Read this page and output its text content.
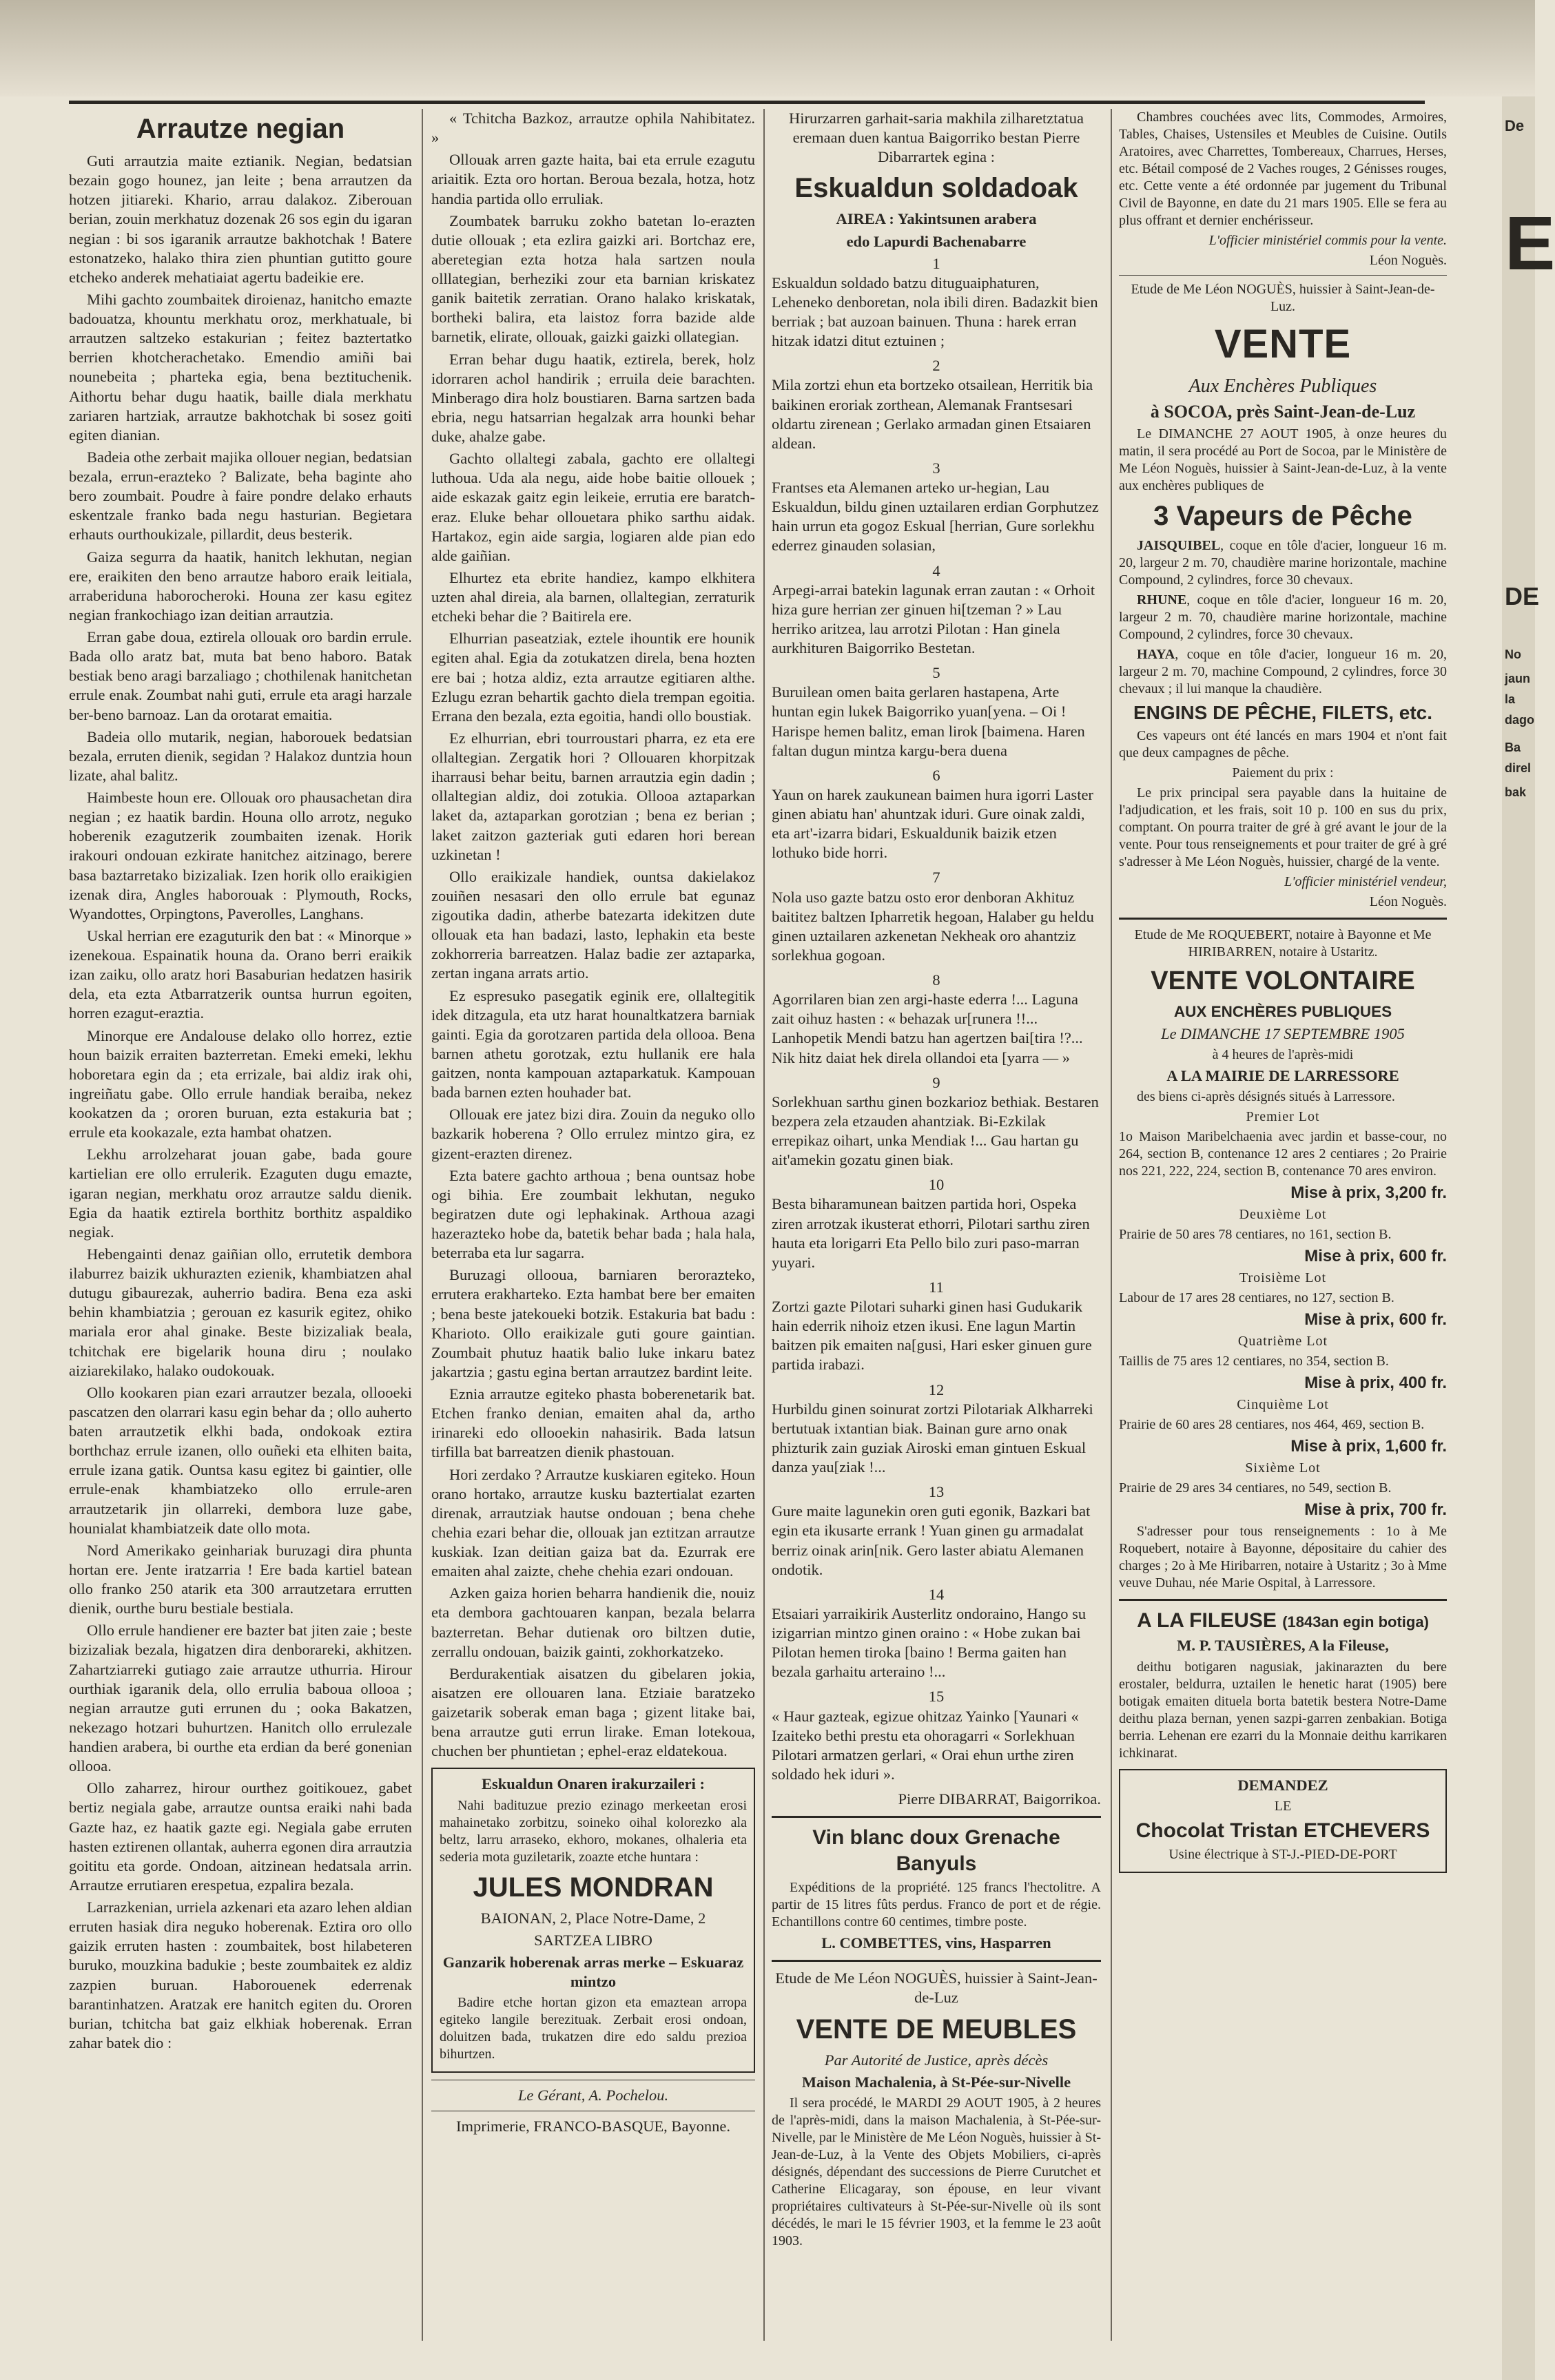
Arrautze negian

Guti arrautzia maite eztianik. Negian, bedatsian bezain gogo hounez, jan leite ; bena arrautzen da hotzen jitiareki. Khario, arrau dalakoz. Ziberouan berian, zouin merkhatuz dozenak 26 sos egin du igaran negian : bi sos igaranik arrautze bakhotchak ! Batere estonatzeko, halako thira zien phuntian gutitto goure etcheko anderek mehatiaiat agertu badeikie ere.

Mihi gachto zoumbaitek diroienaz, hanitcho emazte badouatza, khountu merkhatu oroz, merkhatuale, bi arrautzen saltzeko estakurian ; feitez baztertatko berrien khotcherachetako. Emendio amiñi bai nounebeita ; pharteka egia, bena beztituchenik. Aithortu behar dugu haatik, baille diala merkhatu zariaren hartziak, arrautze bakhotchak bi sosez goiti egiten dianian.

Badeia othe zerbait majika ollouer negian, bedatsian bezala, errun-erazteko ? Balizate, beha baginte aho bero zoumbait. Poudre à faire pondre delako erhauts eskentzale franko bada negu hasturian. Begietara erhauts ourthoukizale, pillardit, deus besterik.

Gaiza segurra da haatik, hanitch lekhutan, negian ere, eraikiten den beno arrautze haboro eraik leitiala, arraberiduna haborocheroki. Houna zer kasu egitez negian frankochiago izan deitian arrautzia.

Erran gabe doua, eztirela ollouak oro bardin errule. Bada ollo aratz bat, muta bat beno haboro. Batak bestiak beno aragi barzaliago ; chothilenak hanitchetan errule enak. Zoumbat nahi guti, errule eta aragi harzale ber-beno barnoaz. Lan da orotarat emaitia.

Badeia ollo mutarik, negian, haborouek bedatsian bezala, erruten dienik, segidan ? Halakoz duntzia houn lizate, ahal balitz.

Haimbeste houn ere. Ollouak oro phausachetan dira negian ; ez haatik bardin. Houna ollo arrotz, neguko hoberenik ezagutzerik zoumbaiten izenak. Horik irakouri ondouan ezkirate hanitchez aitzinago, berere basa baztarretako bizizaliak. Izen horik ollo eraikigien izenak dira, Angles haborouak : Plymouth, Rocks, Wyandottes, Orpingtons, Paverolles, Langhans.

Uskal herrian ere ezaguturik den bat : « Minorque » izenekoua. Espainatik houna da. Orano berri eraikik izan zaiku, ollo aratz hori Basaburian hedatzen hasirik dela, eta ezta Atbarratzerik ountsa hurrun egoiten, horren ezagut-eraztia.

Minorque ere Andalouse delako ollo horrez, eztie houn baizik erraiten bazterretan. Emeki emeki, lekhu hoboretara egin da ; eta errizale, bai aldiz irak ohi, ingreiñatu gabe. Ollo errule handiak beraiba, nekez kookatzen da ; ororen buruan, ezta estakuria bat ; errule eta kookazale, ezta hambat ohatzen.

Lekhu arrolzeharat jouan gabe, bada goure kartielian ere ollo errulerik. Ezaguten dugu emazte, igaran negian, merkhatu oroz arrautze saldu dienik. Egia da haatik eztirela borthitz borthitz aspaldiko negiak.

Hebengainti denaz gaiñian ollo, errutetik dembora ilaburrez baizik ukhurazten ezienik, khambiatzen ahal dutugu gibaurezak, auherrio badira. Bena eza aski behin khambiatzia ; gerouan ez kasurik egitez, ohiko mariala eror ahal ginake. Beste bizizaliak beala, tchitchak ere bigelarik houna diru ; noulako aiziarekilako, halako oudokouak.

Ollo kookaren pian ezari arrautzer bezala, ollooeki pascatzen den olarrari kasu egin behar da ; ollo auherto baten arrautzetik elkhi bada, ondokoak eztira borthchaz errule izanen, ollo ouñeki eta elhiten baita, errule izana gatik. Ountsa kasu egitez bi gaintier, olle errule-enak khambiatzeko ollo errule-aren arrautzetarik jin ollarreki, dembora luze gabe, hounialat khambiatzeik date ollo mota.

Nord Amerikako geinhariak buruzagi dira phunta hortan ere. Jente iratzarria ! Ere bada kartiel batean ollo franko 250 atarik eta 300 arrautzetara errutten dienik, ourthe buru bestiale bestiala.

Ollo errule handiener ere bazter bat jiten zaie ; beste bizizaliak bezala, higatzen dira denborareki, akhitzen. Zahartziarreki gutiago zaie arrautze uthurria. Hirour ourthiak igaranik dela, ollo errulia baboua ollooa ; negian arrautze guti errunen du ; ooka Bakatzen, nekezago hotzari buhurtzen. Hanitch ollo errulezale handien arabera, bi ourthe eta erdian da beré gonenian ollooa.

Ollo zaharrez, hirour ourthez goitikouez, gabet bertiz negiala gabe, arrautze ountsa eraiki nahi bada Gazte haz, ez haatik gazte egi. Negiala gabe erruten hasten eztirenen ollantak, auherra egonen dira arrautzia goititu eta gorde. Ondoan, aitzinean hedatsala arrin. Arrautze errutiaren erespetua, ezpalira bezala.

Larrazkenian, urriela azkenari eta azaro lehen aldian erruten hasiak dira neguko hoberenak. Eztira oro ollo gaizik erruten hasten : zoumbaitek, bost hilabeteren buruko, mouzkina badukie ; beste zoumbaitek ez aldiz zazpien buruan. Haborouenek ederrenak barantinhatzen. Aratzak ere hanitch egiten du. Ororen burian, tchitcha bat gaiz elkhiak hoberenak. Erran zahar batek dio :

« Tchitcha Bazkoz, arrautze ophila Nahibitatez. »

Ollouak arren gazte haita, bai eta errule ezagutu ariaitik. Ezta oro hortan. Beroua bezala, hotza, hotz handia partida ollo erruliak.

Zoumbatek barruku zokho batetan lo-erazten dutie ollouak ; eta ezlira gaizki ari. Bortchaz ere, aberetegian ezta hotza hala sartzen noula olllategian, berheziki zour eta barnian kriskatez ganik baitetik zerratian. Orano halako kriskatak, bortheki balira, eta laistoz forra bazide alde barnetik, elirate, ollouak, gaizki gaizki ollategian.

Erran behar dugu haatik, eztirela, berek, holz idorraren achol handirik ; erruila deie barachten. Minberago dira holz boustiaren. Barna sartzen bada ebria, negu hatsarrian hegalzak arra hounki behar duke, ahalze gabe.

Gachto ollaltegi zabala, gachto ere ollaltegi luthoua. Uda ala negu, aide hobe baitie ollouek ; aide eskazak gaitz egin leikeie, errutia ere baratch-eraz. Eluke behar ollouetara phiko sarthu aidak. Hartakoz, egin aide sargia, logiaren alde pian edo alde gaiñian.

Elhurtez eta ebrite handiez, kampo elkhitera uzten ahal direia, ala barnen, ollaltegian, zerraturik etcheki behar die ? Baitirela ere.

Elhurrian paseatziak, eztele ihountik ere hounik egiten ahal. Egia da zotukatzen direla, bena hozten ere bai ; hotza aldiz, ezta arrautze egitiaren althe. Ezlugu ezran behartik gachto diela trempan egoitia. Errana den bezala, ezta egoitia, handi ollo boustiak.

Ez elhurrian, ebri tourroustari pharra, ez eta ere ollaltegian. Zergatik hori ? Ollouaren khorpitzak iharrausi behar beitu, barnen arrautzia egin dadin ; ollaltegian aldiz, doi zotukia. Ollooa aztaparkan laket da, aztaparkan gorotzian ; bena ez berian ; laket zaitzon gazteriak guti edaren hori berean uzkinetan !

Ollo eraikizale handiek, ountsa dakielakoz zouiñen nesasari den ollo errule bat egunaz zigoutika dadin, atherbe batezarta idekitzen dute ollouak eta han badazi, lasto, lephakin eta beste zokhorreria barreatzen. Halaz badie zer aztaparka, zertan ingana arrats artio.

Ez espresuko pasegatik eginik ere, ollaltegitik idek ditzagula, eta utz harat hounaltkatzera barniak gainti. Egia da gorotzaren partida dela ollooa. Bena barnen athetu gorotzak, eztu hullanik ere hala gaitzen, nonta kampouan aztaparkatuk. Kampouan bada barnen ezten houhader bat.

Ollouak ere jatez bizi dira. Zouin da neguko ollo bazkarik hoberena ? Ollo errulez mintzo gira, ez gizent-erazten direnez.

Ezta batere gachto arthoua ; bena ountsaz hobe ogi bihia. Ere zoumbait lekhutan, neguko begiratzen dute ogi lephakinak. Arthoua azagi hazerazteko hobe da, batetik behar bada ; hala hala, beterraba eta lur sagarra.

Buruzagi ollooua, barniaren berorazteko, errutera erakharteko. Ezta hambat bere ber emaiten ; bena beste jatekoueki botzik. Estakuria bat badu : Kharioto. Ollo eraikizale guti goure gaintian. Zoumbait phutuz haatik balio luke inkaru batez jakartzia ; gastu egina bertan arrautzez bardint leite.

Eznia arrautze egiteko phasta boberenetarik bat. Etchen franko denian, emaiten ahal da, artho irinareki edo ollooekin nahasirik. Bada latsun tirfilla bat barreatzen dienik phastouan.

Hori zerdako ? Arrautze kuskiaren egiteko. Houn orano hortako, arrautze kusku baztertialat ezarten direnak, arrautziak hautse ondouan ; bena chehe chehia ezari behar die, ollouak jan eztitzan arrautze kuskiak. Izan deitian gaiza bat da. Ezurrak ere emaiten ahal zaizte, chehe chehia ezari ondouan.

Azken gaiza horien beharra handienik die, nouiz eta dembora gachtouaren kanpan, bezala belarra bazterretan. Behar dutienak oro biltzen dutie, zerrallu ondouan, baizik gainti, zokhorkatzeko.

Berdurakentiak aisatzen du gibelaren jokia, aisatzen ere ollouaren lana. Etziaie baratzeko gaizetarik soberak eman baga ; gizent litake bai, bena arrautze guti errun lirake. Eman lotekoua, chuchen ber phuntietan ; ephel-eraz eldatekoua.

Eskualdun Onaren irakurzaileri :

Nahi badituzue prezio ezinago merkeetan erosi mahainetako zorbitzu, soineko oihal kolorezko ala beltz, larru arraseko, ekhoro, mokanes, olhaleria eta sederia mota guziletarik, zoazte etche huntara :

JULES MONDRAN

BAIONAN, 2, Place Notre-Dame, 2

SARTZEA LIBRO

Ganzarik hoberenak arras merke – Eskuaraz mintzo

Badire etche hortan gizon eta emaztean arropa egiteko langile berezituak. Zerbait erosi ondoan, doluitzen bada, trukatzen dire edo saldu prezioa bihurtzen.

Le Gérant, A. Pochelou.

Imprimerie, FRANCO-BASQUE, Bayonne.

Hirurzarren garhait-saria makhila zilharetztatua eremaan duen kantua Baigorriko bestan Pierre Dibarrartek egina :

Eskualdun soldadoak

AIREA : Yakintsunen arabera

edo Lapurdi Bachenabarre

1

Eskualdun soldado batzu dituguaiphaturen, Leheneko denboretan, nola ibili diren. Badazkit bien berriak ; bat auzoan bainuen. Thuna : harek erran hitzak idatzi ditut eztuinen ;

2

Mila zortzi ehun eta bortzeko otsailean, Herritik bia baikinen eroriak zorthean, Alemanak Frantsesari oldartu zirenean ; Gerlako armadan ginen Etsaiaren aldean.

3

Frantses eta Alemanen arteko ur-hegian, Lau Eskualdun, bildu ginen uztailaren erdian Gorphutzez hain urrun eta gogoz Eskual [herrian, Gure sorlekhu ederrez ginauden solasian,

4

Arpegi-arrai batekin lagunak erran zautan : « Orhoit hiza gure herrian zer ginuen hi[tzeman ? » Lau herriko aritzea, lau arrotzi Pilotan : Han ginela aurkhituren Baigorriko Bestetan.

5

Buruilean omen baita gerlaren hastapena, Arte huntan egin lukek Baigorriko yuan[yena. – Oi ! Harispe hemen balitz, eman lirok [baimena. Haren faltan dugun mintza kargu-bera duena

6

Yaun on harek zaukunean baimen hura igorri Laster ginen abiatu han' ahuntzak iduri. Gure oinak zaldi, eta art'-izarra bidari, Eskualdunik baizik etzen lothuko bide horri.

7

Nola uso gazte batzu osto eror denboran Akhituz baititez baltzen Ipharretik hegoan, Halaber gu heldu ginen uztailaren azkenetan Nekheak oro ahantziz sorlekhua gogoan.

8

Agorrilaren bian zen argi-haste ederra !... Laguna zait oihuz hasten : « behazak ur[runera !!... Lanhopetik Mendi batzu han agertzen bai[tira !?... Nik hitz daiat hek direla ollandoi eta [yarra — »

9

Sorlekhuan sarthu ginen bozkarioz bethiak. Bestaren bezpera zela etzauden ahantziak. Bi-Ezkilak errepikaz oihart, unka Mendiak !... Gau hartan gu ait'amekin gozatu ginen biak.

10

Besta biharamunean baitzen partida hori, Ospeka ziren arrotzak ikusterat ethorri, Pilotari sarthu ziren hauta eta lorigarri Eta Pello bilo zuri paso-marran yuyari.

11

Zortzi gazte Pilotari suharki ginen hasi Gudukarik hain ederrik nihoiz etzen ikusi. Ene lagun Martin baitzen pik emaiten na[gusi, Hari esker ginuen gure partida irabazi.

12

Hurbildu ginen soinurat zortzi Pilotariak Alkharreki bertutuak ixtantian biak. Bainan gure arno onak phizturik zain guziak Airoski eman gintuen Eskual danza yau[ziak !...

13

Gure maite lagunekin oren guti egonik, Bazkari bat egin eta ikusarte errank ! Yuan ginen gu armadalat berriz oinak arin[nik. Gero laster abiatu Alemanen ondotik.

14

Etsaiari yarraikirik Austerlitz ondoraino, Hango su izigarrian mintzo ginen oraino : « Hobe zukan bai Pilotan hemen tiroka [baino ! Berma gaiten han bezala garhaitu arteraino !...

15

« Haur gazteak, egizue ohitzaz Yainko [Yaunari « Izaiteko bethi prestu eta ohoragarri « Sorlekhuan Pilotari armatzen gerlari, « Orai ehun urthe ziren soldado hek iduri ».

Pierre DIBARRAT, Baigorrikoa.

Vin blanc doux Grenache Banyuls

Expéditions de la propriété. 125 francs l'hectolitre. A partir de 15 litres fûts perdus. Franco de port et de régie. Echantillons contre 60 centimes, timbre poste.

L. COMBETTES, vins, Hasparren

Etude de Me Léon NOGUÈS, huissier à Saint-Jean-de-Luz

VENTE DE MEUBLES

Par Autorité de Justice, après décès

Maison Machalenia, à St-Pée-sur-Nivelle

Il sera procédé, le MARDI 29 AOUT 1905, à 2 heures de l'après-midi, dans la maison Machalenia, à St-Pée-sur-Nivelle, par le Ministère de Me Léon Noguès, huissier à St-Jean-de-Luz, à la Vente des Objets Mobiliers, ci-après désignés, dépendant des successions de Pierre Curutchet et Catherine Elicagaray, son épouse, en leur vivant propriétaires cultivateurs à St-Pée-sur-Nivelle où ils sont décédés, le mari le 15 février 1903, et la femme le 23 août 1903.

Chambres couchées avec lits, Commodes, Armoires, Tables, Chaises, Ustensiles et Meubles de Cuisine. Outils Aratoires, avec Charrettes, Tombereaux, Charrues, Herses, etc. Bétail composé de 2 Vaches rouges, 2 Génisses rouges, etc. Cette vente a été ordonnée par jugement du Tribunal Civil de Bayonne, en date du 21 mars 1905. Elle se fera au plus offrant et dernier enchérisseur.

L'officier ministériel commis pour la vente.

Léon Noguès.

Etude de Me Léon NOGUÈS, huissier à Saint-Jean-de-Luz.

VENTE

Aux Enchères Publiques

à SOCOA, près Saint-Jean-de-Luz

Le DIMANCHE 27 AOUT 1905, à onze heures du matin, il sera procédé au Port de Socoa, par le Ministère de Me Léon Noguès, huissier à Saint-Jean-de-Luz, à la vente aux enchères publiques de

3 Vapeurs de Pêche

JAISQUIBEL, coque en tôle d'acier, longueur 16 m. 20, largeur 2 m. 70, chaudière marine horizontale, machine Compound, 2 cylindres, force 30 chevaux.

RHUNE, coque en tôle d'acier, longueur 16 m. 20, largeur 2 m. 70, chaudière marine horizontale, machine Compound, 2 cylindres, force 30 chevaux.

HAYA, coque en tôle d'acier, longueur 16 m. 20, largeur 2 m. 70, machine Compound, 2 cylindres, force 30 chevaux ; il lui manque la chaudière.

ENGINS DE PÊCHE, FILETS, etc.

Ces vapeurs ont été lancés en mars 1904 et n'ont fait que deux campagnes de pêche.

Paiement du prix :

Le prix principal sera payable dans la huitaine de l'adjudication, et les frais, soit 10 p. 100 en sus du prix, comptant. On pourra traiter de gré à gré avant le jour de la vente. Pour tous renseignements et pour traiter de gré à gré s'adresser à Me Léon Noguès, huissier, chargé de la vente.

L'officier ministériel vendeur,

Léon Noguès.

Etude de Me ROQUEBERT, notaire à Bayonne et Me HIRIBARREN, notaire à Ustaritz.

VENTE VOLONTAIRE

AUX ENCHÈRES PUBLIQUES

Le DIMANCHE 17 SEPTEMBRE 1905

à 4 heures de l'après-midi

A LA MAIRIE DE LARRESSORE

des biens ci-après désignés situés à Larressore.

Premier Lot

1o Maison Maribelchaenia avec jardin et basse-cour, no 264, section B, contenance 12 ares 2 centiares ; 2o Prairie nos 221, 222, 224, section B, contenance 70 ares environ.

Mise à prix, 3,200 fr.

Deuxième Lot

Prairie de 50 ares 78 centiares, no 161, section B.

Mise à prix, 600 fr.

Troisième Lot

Labour de 17 ares 28 centiares, no 127, section B.

Mise à prix, 600 fr.

Quatrième Lot

Taillis de 75 ares 12 centiares, no 354, section B.

Mise à prix, 400 fr.

Cinquième Lot

Prairie de 60 ares 28 centiares, nos 464, 469, section B.

Mise à prix, 1,600 fr.

Sixième Lot

Prairie de 29 ares 34 centiares, no 549, section B.

Mise à prix, 700 fr.

S'adresser pour tous renseignements : 1o à Me Roquebert, notaire à Bayonne, dépositaire du cahier des charges ; 2o à Me Hiribarren, notaire à Ustaritz ; 3o à Mme veuve Duhau, née Marie Ospital, à Larressore.

A LA FILEUSE (1843an egin botiga)

M. P. TAUSIÈRES, A la Fileuse,

deithu botigaren nagusiak, jakinarazten du bere erostaler, beldurra, uztailen le henetic harat (1905) bere botigak emaiten dituela borta batetik bestera Notre-Dame deithu plaza bernan, yenen sazpi-garren zenbakian. Botiga berria. Lehenan ere ezarri du la Monnaie deithu karrikaren ichkinarat.

DEMANDEZ

LE

Chocolat Tristan ETCHEVERS

Usine électrique à ST-J.-PIED-DE-PORT

De
E
DE
No
jaun
la
dago
Ba
direl
bak
